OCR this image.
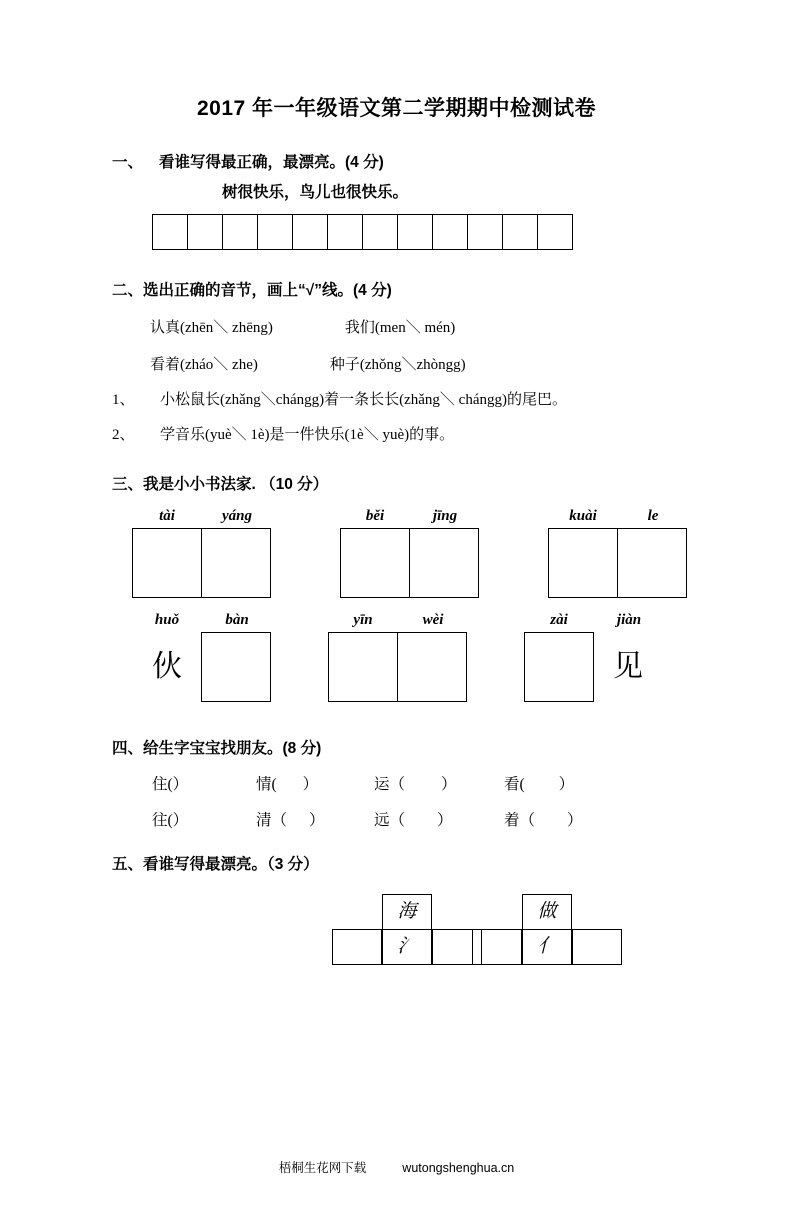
2017 年一年级语文第二学期期中检测试卷
一、 看谁写得最正确，最漂亮。(4 分)
树很快乐，鸟儿也很快乐。
二、选出正确的音节，画上“√”线。(4 分)
认真(zhēn＼ zhēng)	我们(men＼ mén)
看着(zháo＼ zhe)	种子(zhǒng＼zhòngg)
1、 小松鼠长(zhǎng＼chángg)着一条长长(zhǎng＼ chángg)的尾巴。
2、 学音乐(yuè＼ 1è)是一件快乐(1è＼ yuè)的事。
三、我是小小书法家. （10 分）
tài	yáng	běi	jīng	kuài	le
huǒ	bàn
伙
yīn	wèi	zài	jiàn
见
四、给生字宝宝找朋友。(8 分)
住(）	情( ）	运（ ）	看( ）
往(）	清（ ）	远（ ）	着（ ）
五、看谁写得最漂亮。（3 分）
海
氵
做
亻
梧桐生花网下载	wutongshenghua.cn
